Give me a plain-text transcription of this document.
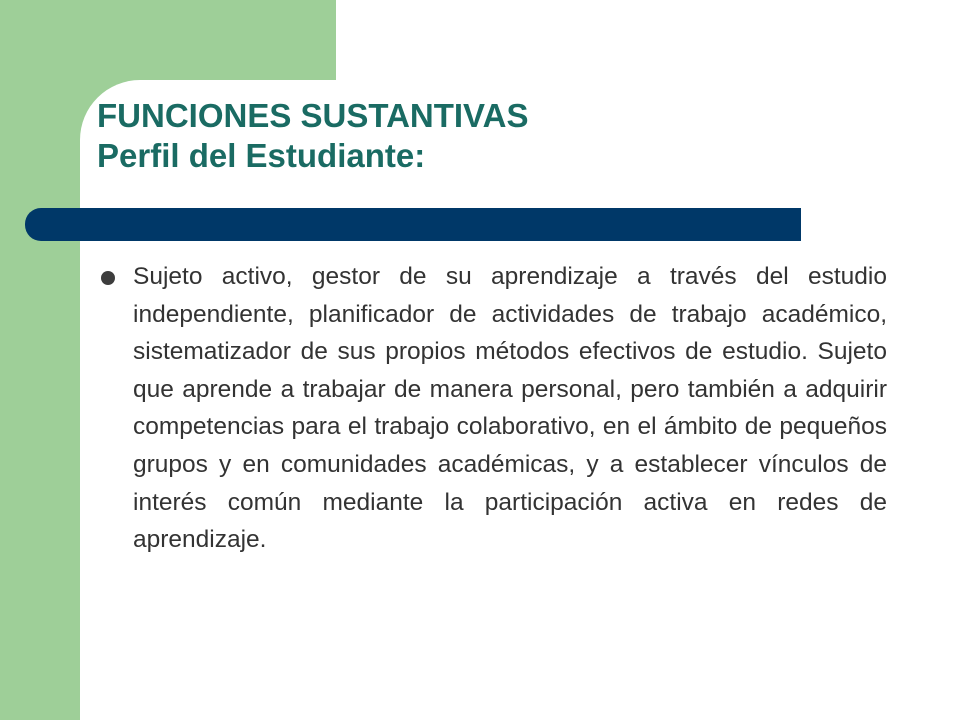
FUNCIONES SUSTANTIVAS
Perfil del Estudiante:

Sujeto activo, gestor de su aprendizaje a través del estudio independiente, planificador de actividades de trabajo académico, sistematizador de sus propios métodos efectivos de estudio. Sujeto que aprende a trabajar de manera personal, pero también a adquirir competencias para el trabajo colaborativo, en el ámbito de pequeños grupos y en comunidades académicas, y a establecer vínculos de interés común mediante la participación activa en redes de aprendizaje.
